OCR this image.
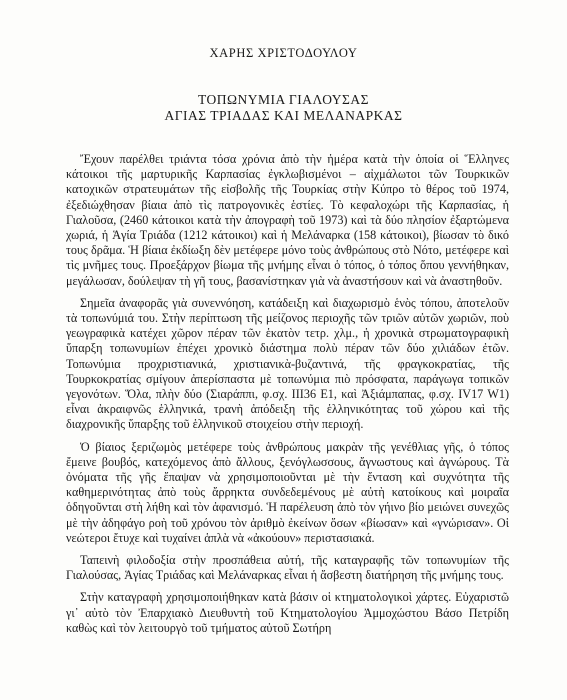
ΧΑΡΗΣ ΧΡΙΣΤΟΔΟΥΛΟΥ
ΤΟΠΩΝΥΜΙΑ ΓΙΑΛΟΥΣΑΣ
ΑΓΙΑΣ ΤΡΙΑΔΑΣ ΚΑΙ ΜΕΛΑΝΑΡΚΑΣ

Ἔχουν παρέλθει τριάντα τόσα χρόνια ἀπὸ τὴν ἡμέρα κατὰ τὴν ὁποία οἱ Ἕλληνες κάτοικοι τῆς μαρτυρικῆς Καρπασίας ἐγκλωβισμένοι – αἰχμάλωτοι τῶν Τουρκικῶν κατοχικῶν στρατευμάτων τῆς εἰσβολῆς τῆς Τουρκίας στὴν Κύπρο τὸ θέρος τοῦ 1974, ἐξεδιώχθησαν βίαια ἀπὸ τὶς πατρογονικὲς ἑστίες. Τὸ κεφαλοχώρι τῆς Καρπασίας, ἡ Γιαλοῦσα, (2460 κάτοικοι κατὰ τὴν ἀπογραφὴ τοῦ 1973) καὶ τὰ δύο πλησίον ἐξαρτώμενα χωριά, ἡ Ἁγία Τριάδα (1212 κάτοικοι) καὶ ἡ Μελάναρκα (158 κάτοικοι), βίωσαν τὸ δικό τους δρᾶμα. Ἡ βίαια ἐκδίωξη δὲν μετέφερε μόνο τοὺς ἀνθρώπους στὸ Νότο, μετέφερε καὶ τὶς μνῆμες τους. Προεξάρχον βίωμα τῆς μνήμης εἶναι ὁ τόπος, ὁ τόπος ὅπου γεννήθηκαν, μεγάλωσαν, δούλεψαν τὴ γῆ τους, βασανίστηκαν γιὰ νὰ ἀναστήσουν καὶ νὰ ἀναστηθοῦν.

Σημεῖα ἀναφορᾶς γιὰ συνεννόηση, κατάδειξη καὶ διαχωρισμὸ ἑνὸς τόπου, ἀποτελοῦν τὰ τοπωνύμιά του. Στὴν περίπτωση τῆς μείζονος περιοχῆς τῶν τριῶν αὐτῶν χωριῶν, ποὺ γεωγραφικὰ κατέχει χῶρον πέραν τῶν ἑκατὸν τετρ. χλμ., ἡ χρονικὰ στρωματογραφικὴ ὕπαρξη τοπωνυμίων ἐπέχει χρονικὸ διάστημα πολὺ πέραν τῶν δύο χιλιάδων ἐτῶν. Τοπωνύμια προχριστιανικά, χριστιανικὰ-βυζαντινά, τῆς φραγκοκρατίας, τῆς Τουρκοκρατίας σμίγουν ἀπερίσπαστα μὲ τοπωνύμια πιὸ πρόσφατα, παράγωγα τοπικῶν γεγονότων. Ὅλα, πλὴν δύο (Σιαράππι, φ.σχ. III36 E1, καὶ Ἀξιάμπαπας, φ.σχ. IV17 W1) εἶναι ἀκραιφνῶς ἑλληνικά, τρανὴ ἀπόδειξη τῆς ἑλληνικότητας τοῦ χώρου καὶ τῆς διαχρονικῆς ὕπαρξης τοῦ ἑλληνικοῦ στοιχείου στὴν περιοχή.

Ὁ βίαιος ξεριζωμὸς μετέφερε τοὺς ἀνθρώπους μακρὰν τῆς γενέθλιας γῆς, ὁ τόπος ἔμεινε βουβός, κατεχόμενος ἀπὸ ἄλλους, ξενόγλωσσους, ἄγνωστους καὶ ἀγνώρους. Τὰ ὀνόματα τῆς γῆς ἔπαψαν νὰ χρησιμοποιοῦνται μὲ τὴν ἔνταση καὶ συχνότητα τῆς καθημερινότητας ἀπὸ τοὺς ἄρρηκτα συνδεδεμένους μὲ αὐτὴ κατοίκους καὶ μοιραῖα ὁδηγοῦνται στὴ λήθη καὶ τὸν ἀφανισμό. Ἡ παρέλευση ἀπὸ τὸν γήινο βίο μειώνει συνεχῶς μὲ τὴν ἀδηφάγο ροὴ τοῦ χρόνου τὸν ἀριθμὸ ἐκείνων ὅσων «βίωσαν» καὶ «γνώρισαν». Οἱ νεώτεροι ἔτυχε καὶ τυχαίνει ἁπλὰ νὰ «ἀκούουν» περιστασιακά.

Ταπεινὴ φιλοδοξία στὴν προσπάθεια αὐτή, τῆς καταγραφῆς τῶν τοπωνυμίων τῆς Γιαλούσας, Ἁγίας Τριάδας καὶ Μελάναρκας εἶναι ἡ ἄσβεστη διατήρηση τῆς μνήμης τους.

Στὴν καταγραφὴ χρησιμοποιήθηκαν κατὰ βάσιν οἱ κτηματολογικοὶ χάρτες. Εὐχαριστῶ γι᾽ αὐτὸ τὸν Ἐπαρχιακὸ Διευθυντὴ τοῦ Κτηματολογίου Ἀμμοχώστου Βάσο Πετρίδη καθὼς καὶ τὸν λειτουργὸ τοῦ τμήματος αὐτοῦ Σωτήρη
